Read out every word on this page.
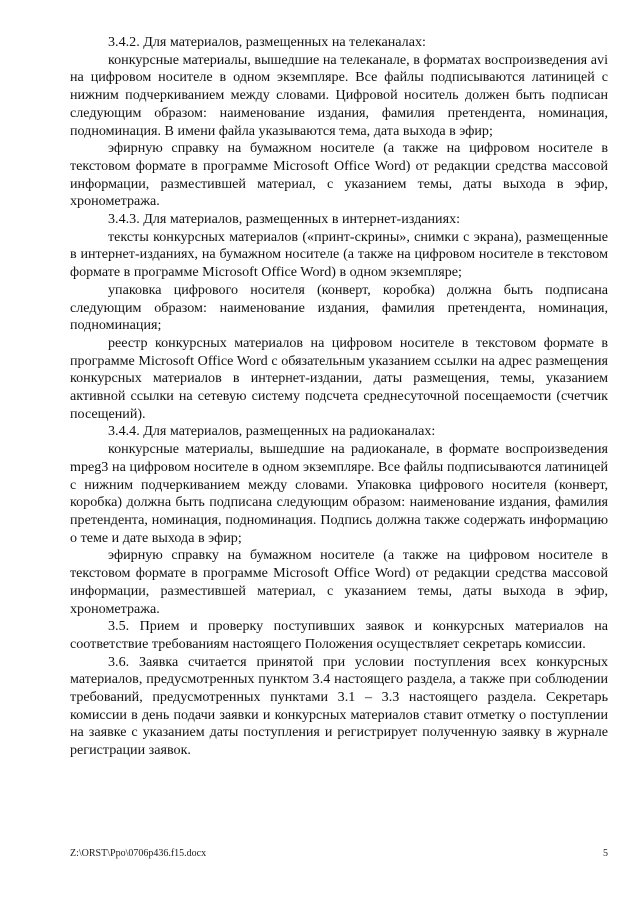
3.4.2. Для материалов, размещенных на телеканалах:

конкурсные материалы, вышедшие на телеканале, в форматах воспроизведения avi на цифровом носителе в одном экземпляре. Все файлы подписываются латиницей с нижним подчеркиванием между словами. Цифровой носитель должен быть подписан следующим образом: наименование издания, фамилия претендента, номинация, подноминация. В имени файла указываются тема, дата выхода в эфир;

эфирную справку на бумажном носителе (а также на цифровом носителе в текстовом формате в программе Microsoft Office Word) от редакции средства массовой информации, разместившей материал, с указанием темы, даты выхода в эфир, хронометража.

3.4.3. Для материалов, размещенных в интернет-изданиях:

тексты конкурсных материалов («принт-скрины», снимки с экрана), размещенные в интернет-изданиях, на бумажном носителе (а также на цифровом носителе в текстовом формате в программе Microsoft Office Word) в одном экземпляре;

упаковка цифрового носителя (конверт, коробка) должна быть подписана следующим образом: наименование издания, фамилия претендента, номинация, подноминация;

реестр конкурсных материалов на цифровом носителе в текстовом формате в программе Microsoft Office Word с обязательным указанием ссылки на адрес размещения конкурсных материалов в интернет-издании, даты размещения, темы, указанием активной ссылки на сетевую систему подсчета среднесуточной посещаемости (счетчик посещений).

3.4.4. Для материалов, размещенных на радиоканалах:

конкурсные материалы, вышедшие на радиоканале, в формате воспроизведения mpeg3 на цифровом носителе в одном экземпляре. Все файлы подписываются латиницей с нижним подчеркиванием между словами. Упаковка цифрового носителя (конверт, коробка) должна быть подписана следующим образом: наименование издания, фамилия претендента, номинация, подноминация. Подпись должна также содержать информацию о теме и дате выхода в эфир;

эфирную справку на бумажном носителе (а также на цифровом носителе в текстовом формате в программе Microsoft Office Word) от редакции средства массовой информации, разместившей материал, с указанием темы, даты выхода в эфир, хронометража.

3.5. Прием и проверку поступивших заявок и конкурсных материалов на соответствие требованиям настоящего Положения осуществляет секретарь комиссии.

3.6. Заявка считается принятой при условии поступления всех конкурсных материалов, предусмотренных пунктом 3.4 настоящего раздела, а также при соблюдении требований, предусмотренных пунктами 3.1 – 3.3 настоящего раздела. Секретарь комиссии в день подачи заявки и конкурсных материалов ставит отметку о поступлении на заявке с указанием даты поступления и регистрирует полученную заявку в журнале регистрации заявок.

Z:\ORST\Ppo\0706p436.f15.docx	5
